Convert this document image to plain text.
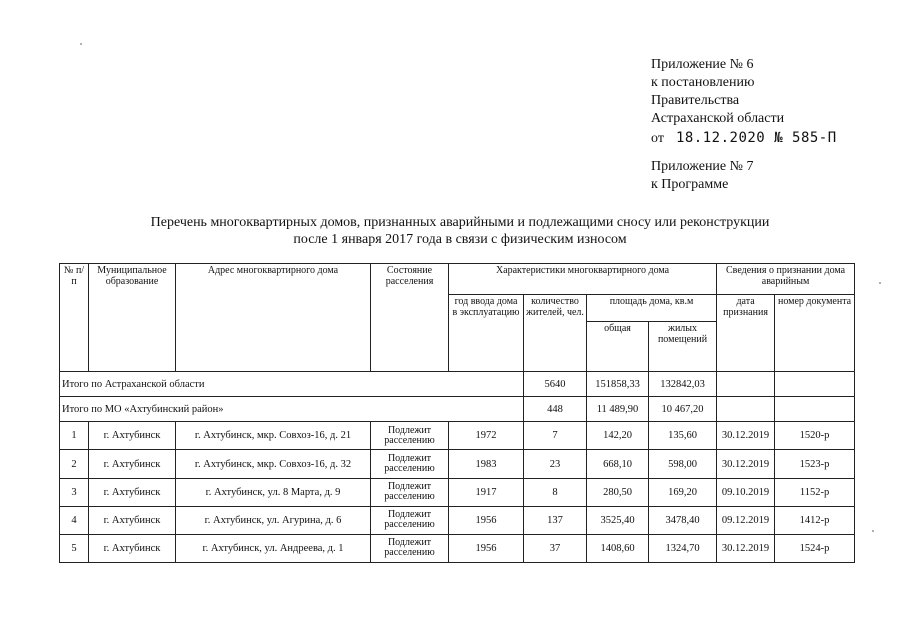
Приложение № 6
к постановлению
Правительства
Астраханской области
от 18.12.2020 № 585-П
Приложение № 7
к Программе
Перечень многоквартирных домов, признанных аварийными и подлежащими сносу или реконструкции
после 1 января 2017 года в связи с физическим износом
№ п/п	Муниципальное образование	Адрес многоквартирного дома	Состояние расселения	Характеристики многоквартирного дома				Сведения о признании дома аварийным	
				год ввода дома в эксплуатацию	количество жителей, чел.	площадь дома, кв.м		дата признания	номер документа
						общая	жилых помещений		
Итого по Астраханской области					5640	151858,33	132842,03		
Итого по МО «Ахтубинский район»					448	11 489,90	10 467,20		
1	г. Ахтубинск	г. Ахтубинск, мкр. Совхоз-16, д. 21	Подлежит расселению	1972	7	142,20	135,60	30.12.2019	1520-р
2	г. Ахтубинск	г. Ахтубинск, мкр. Совхоз-16, д. 32	Подлежит расселению	1983	23	668,10	598,00	30.12.2019	1523-р
3	г. Ахтубинск	г. Ахтубинск, ул. 8 Марта, д. 9	Подлежит расселению	1917	8	280,50	169,20	09.10.2019	1152-р
4	г. Ахтубинск	г. Ахтубинск, ул. Агурина, д. 6	Подлежит расселению	1956	137	3525,40	3478,40	09.12.2019	1412-р
5	г. Ахтубинск	г. Ахтубинск, ул. Андреева, д. 1	Подлежит расселению	1956	37	1408,60	1324,70	30.12.2019	1524-р
